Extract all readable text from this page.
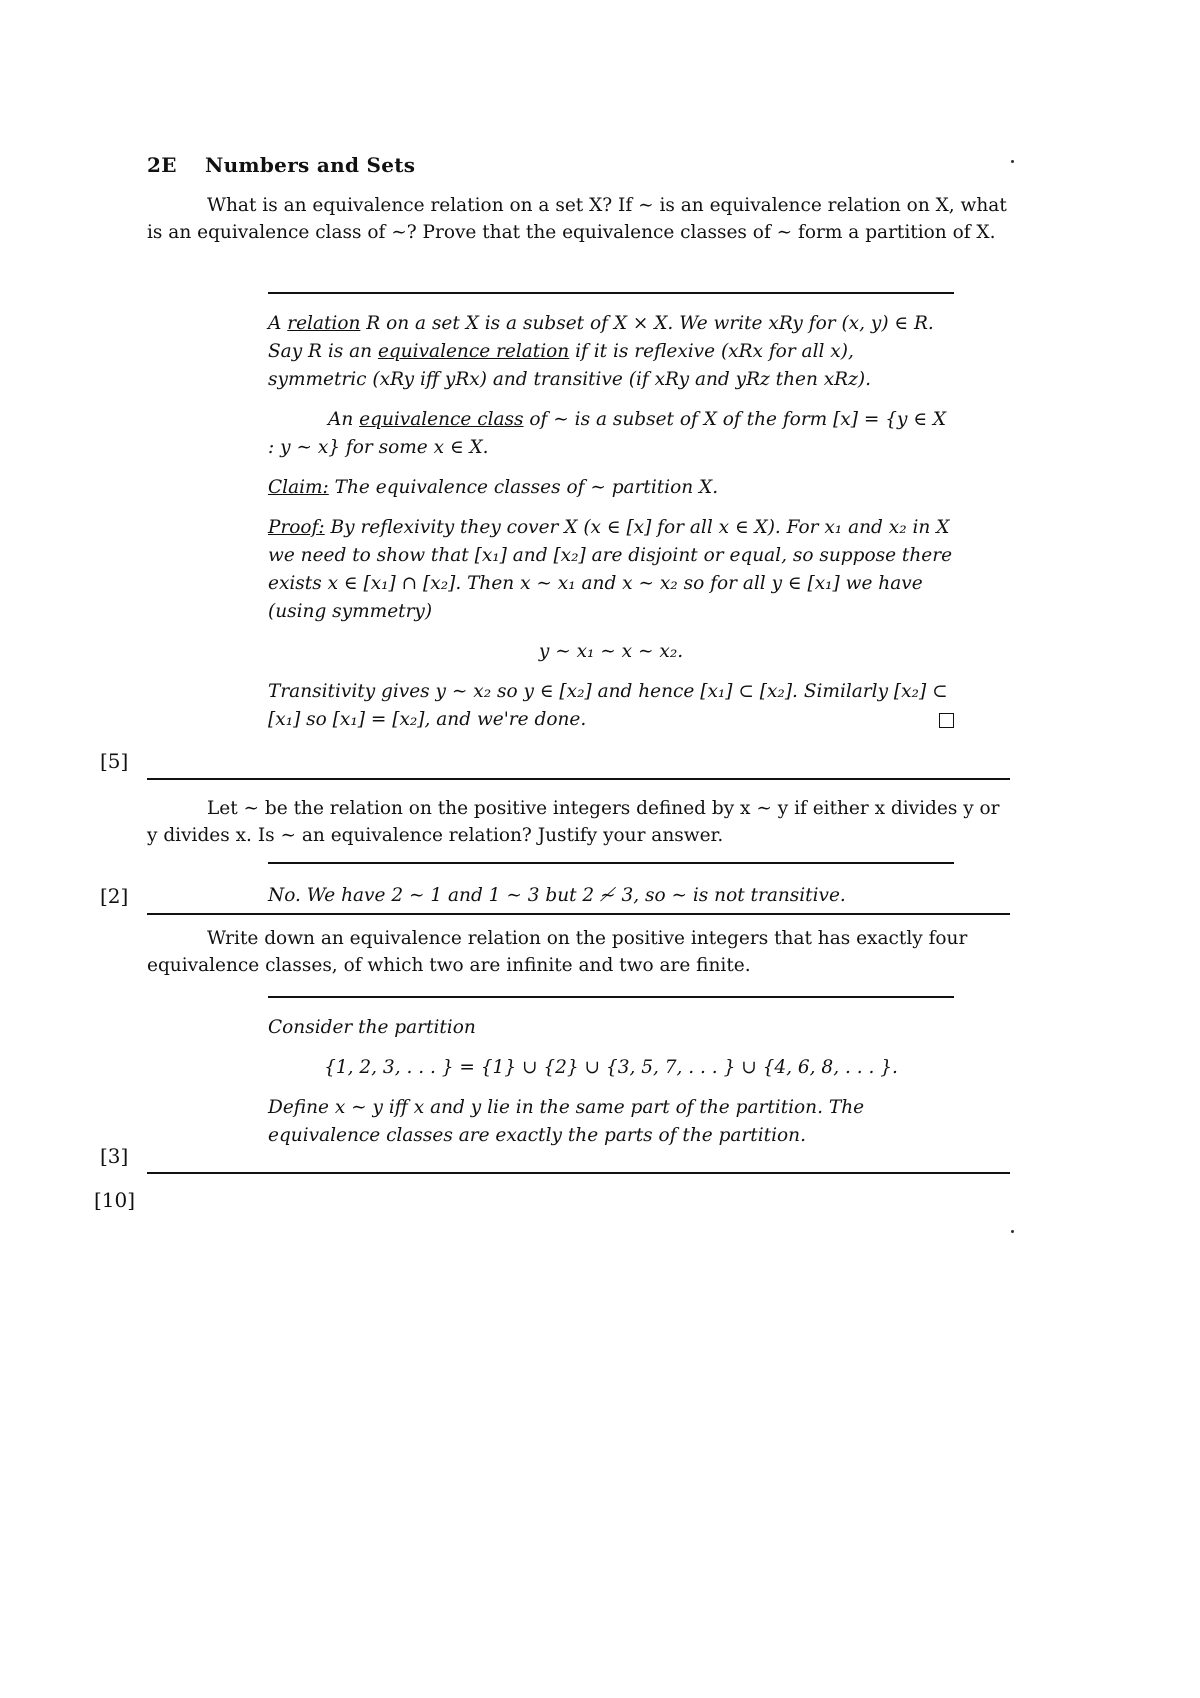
2E Numbers and Sets

What is an equivalence relation on a set X? If ∼ is an equivalence relation on X, what is an equivalence class of ∼? Prove that the equivalence classes of ∼ form a partition of X.

A relation R on a set X is a subset of X × X. We write xRy for (x, y) ∈ R. Say R is an equivalence relation if it is reflexive (xRx for all x), symmetric (xRy iff yRx) and transitive (if xRy and yRz then xRz).

An equivalence class of ∼ is a subset of X of the form [x] = {y ∈ X : y ∼ x} for some x ∈ X.

Claim: The equivalence classes of ∼ partition X.

Proof: By reflexivity they cover X (x ∈ [x] for all x ∈ X). For x₁ and x₂ in X we need to show that [x₁] and [x₂] are disjoint or equal, so suppose there exists x ∈ [x₁] ∩ [x₂]. Then x ∼ x₁ and x ∼ x₂ so for all y ∈ [x₁] we have (using symmetry)

y ∼ x₁ ∼ x ∼ x₂.

Transitivity gives y ∼ x₂ so y ∈ [x₂] and hence [x₁] ⊂ [x₂]. Similarly [x₂] ⊂ [x₁] so [x₁] = [x₂], and we're done.

[5]

Let ∼ be the relation on the positive integers defined by x ∼ y if either x divides y or y divides x. Is ∼ an equivalence relation? Justify your answer.

No. We have 2 ∼ 1 and 1 ∼ 3 but 2 ≁ 3, so ∼ is not transitive.

[2]

Write down an equivalence relation on the positive integers that has exactly four equivalence classes, of which two are infinite and two are finite.

Consider the partition

{1, 2, 3, . . . } = {1} ∪ {2} ∪ {3, 5, 7, . . . } ∪ {4, 6, 8, . . . }.

Define x ∼ y iff x and y lie in the same part of the partition. The equivalence classes are exactly the parts of the partition.

[3]
[10]
